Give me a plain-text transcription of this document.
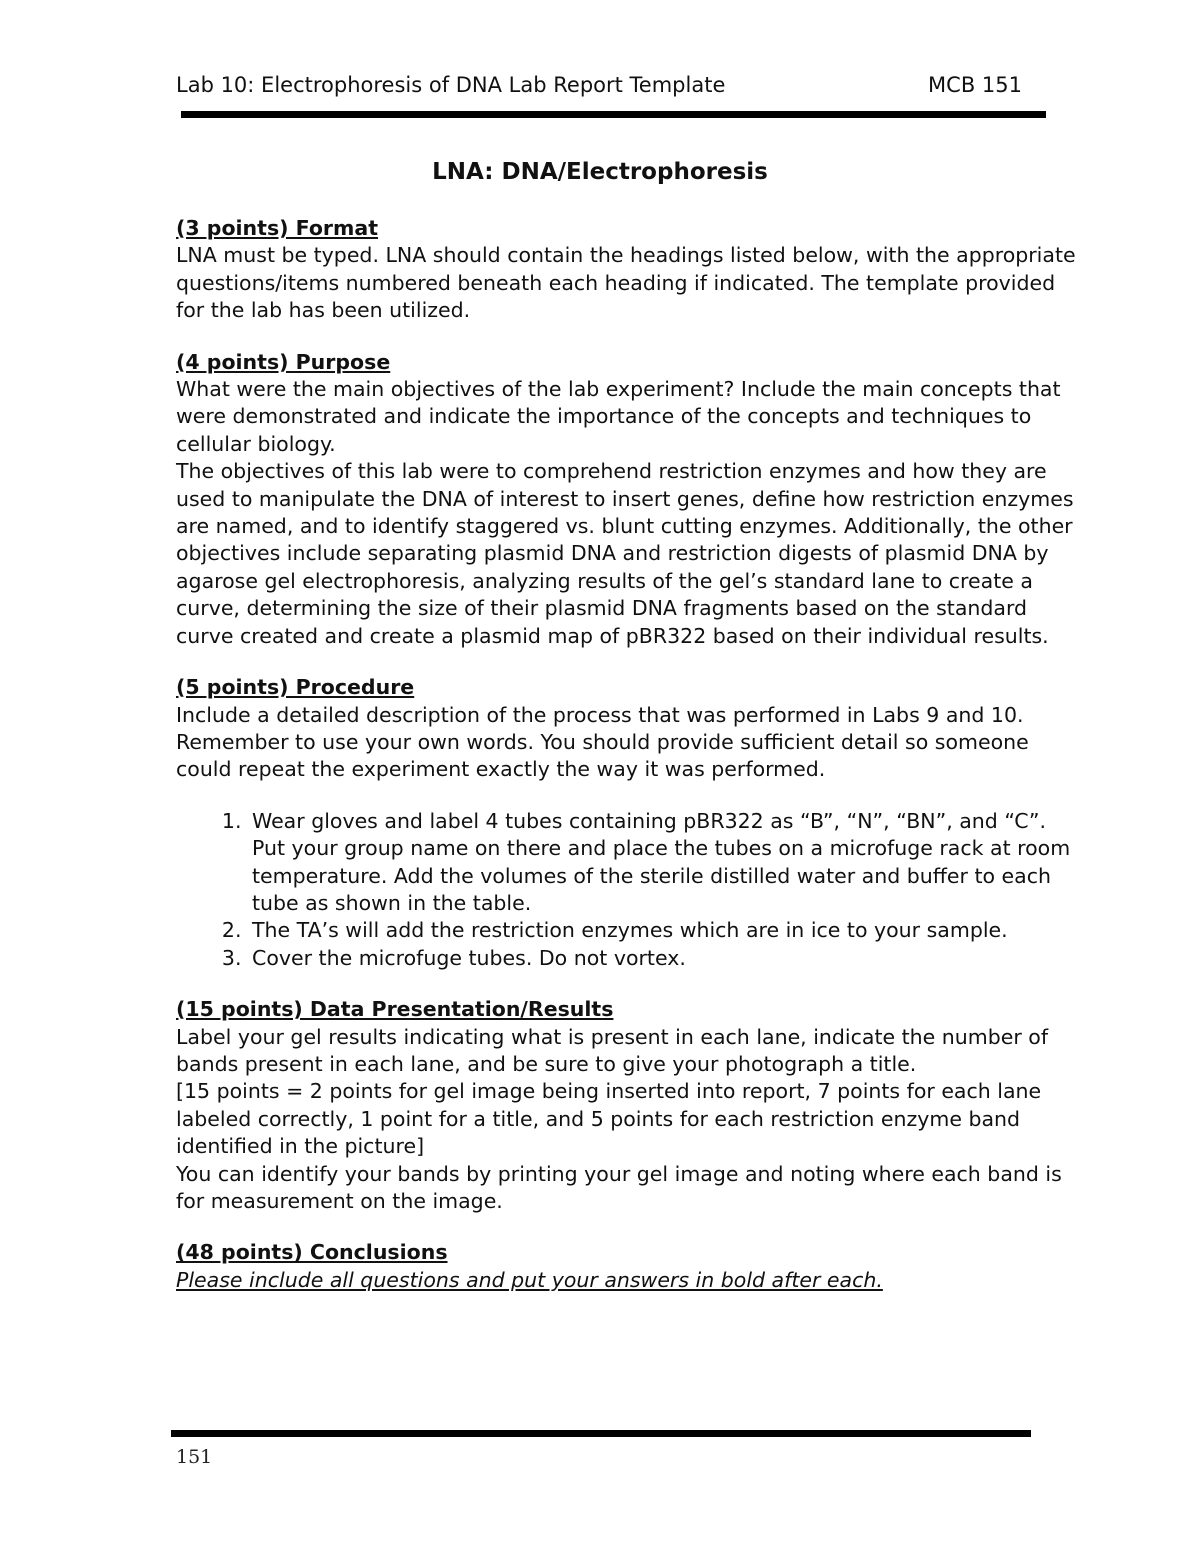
Lab 10: Electrophoresis of DNA Lab Report Template	MCB 151
LNA: DNA/Electrophoresis

(3 points) Format

LNA must be typed. LNA should contain the headings listed below, with the appropriate questions/items numbered beneath each heading if indicated. The template provided for the lab has been utilized.

(4 points) Purpose

What were the main objectives of the lab experiment? Include the main concepts that were demonstrated and indicate the importance of the concepts and techniques to cellular biology.

The objectives of this lab were to comprehend restriction enzymes and how they are used to manipulate the DNA of interest to insert genes, define how restriction enzymes are named, and to identify staggered vs. blunt cutting enzymes. Additionally, the other objectives include separating plasmid DNA and restriction digests of plasmid DNA by agarose gel electrophoresis, analyzing results of the gel’s standard lane to create a curve, determining the size of their plasmid DNA fragments based on the standard curve created and create a plasmid map of pBR322 based on their individual results.

(5 points) Procedure

Include a detailed description of the process that was performed in Labs 9 and 10. Remember to use your own words. You should provide sufficient detail so someone could repeat the experiment exactly the way it was performed.

1. Wear gloves and label 4 tubes containing pBR322 as “B”, “N”, “BN”, and “C”. Put your group name on there and place the tubes on a microfuge rack at room temperature. Add the volumes of the sterile distilled water and buffer to each tube as shown in the table.
2. The TA’s will add the restriction enzymes which are in ice to your sample.
3. Cover the microfuge tubes. Do not vortex.

(15 points) Data Presentation/Results

Label your gel results indicating what is present in each lane, indicate the number of bands present in each lane, and be sure to give your photograph a title.

[15 points = 2 points for gel image being inserted into report, 7 points for each lane labeled correctly, 1 point for a title, and 5 points for each restriction enzyme band identified in the picture]

You can identify your bands by printing your gel image and noting where each band is for measurement on the image.

(48 points) Conclusions

Please include all questions and put your answers in bold after each.

151
